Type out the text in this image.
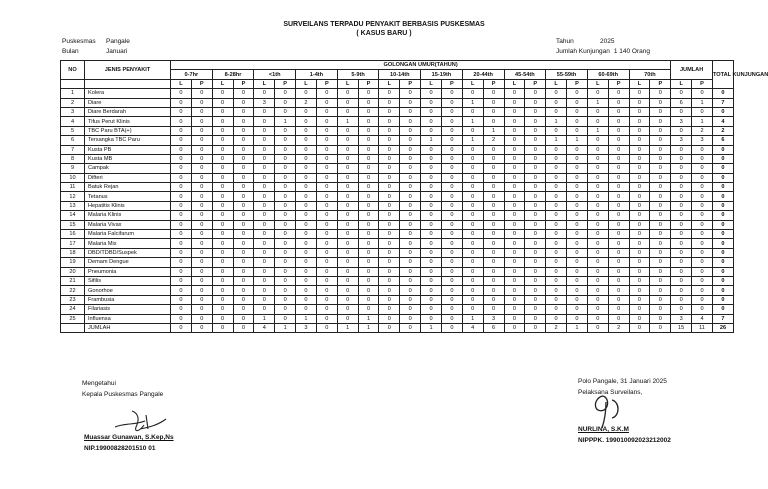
SURVEILANS TERPADU PENYAKIT BERBASIS PUSKESMAS
( KASUS BARU )
Puskesmas Pangale
Bulan	Januari
Tahun	2025
Jumlah Kunjungan 1 140 Orang
NO	JENIS PENYAKIT	GOLONGAN UMUR(TAHUN)																								JUMLAH		TOTAL KUNJUNGAN
		0-7hr		8-28hr		<1th		1-4th		5-9th		10-14th		15-19th		20-44th		45-54th		55-59th		60-69th		70th				
		L	P	L	P	L	P	L	P	L	P	L	P	L	P	L	P	L	P	L	P	L	P	L	P	L	P	
1	Kolera	0	0	0	0	0	0	0	0	0	0	0	0	0	0	0	0	0	0	0	0	0	0	0	0	0	0	0
2	Diare	0	0	0	0	3	0	2	0	0	0	0	0	0	0	1	0	0	0	0	0	1	0	0	0	6	1	7
3	Diare Berdarah	0	0	0	0	0	0	0	0	0	0	0	0	0	0	0	0	0	0	0	0	0	0	0	0	0	0	0
4	Tifus Perut Klinis	0	0	0	0	0	1	0	0	1	0	0	0	0	0	1	0	0	0	1	0	0	0	0	0	3	1	4
5	TBC Paru BTA(+)	0	0	0	0	0	0	0	0	0	0	0	0	0	0	0	1	0	0	0	0	1	0	0	0	0	2	2
6	Tersangka TBC Paru	0	0	0	0	0	0	0	0	0	0	0	0	1	0	1	2	0	0	1	1	0	0	0	0	3	3	6
7	Kusta PB	0	0	0	0	0	0	0	0	0	0	0	0	0	0	0	0	0	0	0	0	0	0	0	0	0	0	0
8	Kusta MB	0	0	0	0	0	0	0	0	0	0	0	0	0	0	0	0	0	0	0	0	0	0	0	0	0	0	0
9	Campak	0	0	0	0	0	0	0	0	0	0	0	0	0	0	0	0	0	0	0	0	0	0	0	0	0	0	0
10	Difteri	0	0	0	0	0	0	0	0	0	0	0	0	0	0	0	0	0	0	0	0	0	0	0	0	0	0	0
11	Batuk Rejan	0	0	0	0	0	0	0	0	0	0	0	0	0	0	0	0	0	0	0	0	0	0	0	0	0	0	0
12	Tetanus	0	0	0	0	0	0	0	0	0	0	0	0	0	0	0	0	0	0	0	0	0	0	0	0	0	0	0
13	Hepatitis Klinis	0	0	0	0	0	0	0	0	0	0	0	0	0	0	0	0	0	0	0	0	0	0	0	0	0	0	0
14	Malaria Klinis	0	0	0	0	0	0	0	0	0	0	0	0	0	0	0	0	0	0	0	0	0	0	0	0	0	0	0
15	Malaria Vivax	0	0	0	0	0	0	0	0	0	0	0	0	0	0	0	0	0	0	0	0	0	0	0	0	0	0	0
16	Malaria Falcifarum	0	0	0	0	0	0	0	0	0	0	0	0	0	0	0	0	0	0	0	0	0	0	0	0	0	0	0
17	Malaria Mix	0	0	0	0	0	0	0	0	0	0	0	0	0	0	0	0	0	0	0	0	0	0	0	0	0	0	0
18	DBD/TDBD/Suspek	0	0	0	0	0	0	0	0	0	0	0	0	0	0	0	0	0	0	0	0	0	0	0	0	0	0	0
19	Demam Dengue	0	0	0	0	0	0	0	0	0	0	0	0	0	0	0	0	0	0	0	0	0	0	0	0	0	0	0
20	Pneumonia	0	0	0	0	0	0	0	0	0	0	0	0	0	0	0	0	0	0	0	0	0	0	0	0	0	0	0
21	Sifilis	0	0	0	0	0	0	0	0	0	0	0	0	0	0	0	0	0	0	0	0	0	0	0	0	0	0	0
22	Gonorhoe	0	0	0	0	0	0	0	0	0	0	0	0	0	0	0	0	0	0	0	0	0	0	0	0	0	0	0
23	Frambusia	0	0	0	0	0	0	0	0	0	0	0	0	0	0	0	0	0	0	0	0	0	0	0	0	0	0	0
24	Filariasis	0	0	0	0	0	0	0	0	0	0	0	0	0	0	0	0	0	0	0	0	0	0	0	0	0	0	0
25	Influensa	0	0	0	0	1	0	1	0	0	1	0	0	0	0	1	3	0	0	0	0	0	0	0	0	3	4	7
	JUMLAH	0	0	0	0	4	1	3	0	1	1	0	0	1	0	4	6	0	0	2	1	0	2	0	0	15	11	26
Mengetahui
Kepala Puskesmas Pangale
Muassar Gunawan, S.Kep,Ns
NIP.19900828201510 01
Polo Pangale, 31 Januari 2025
Pelaksana Surveilans,
NURLINA, S.K.M
NIPPPK. 199010092023212002
